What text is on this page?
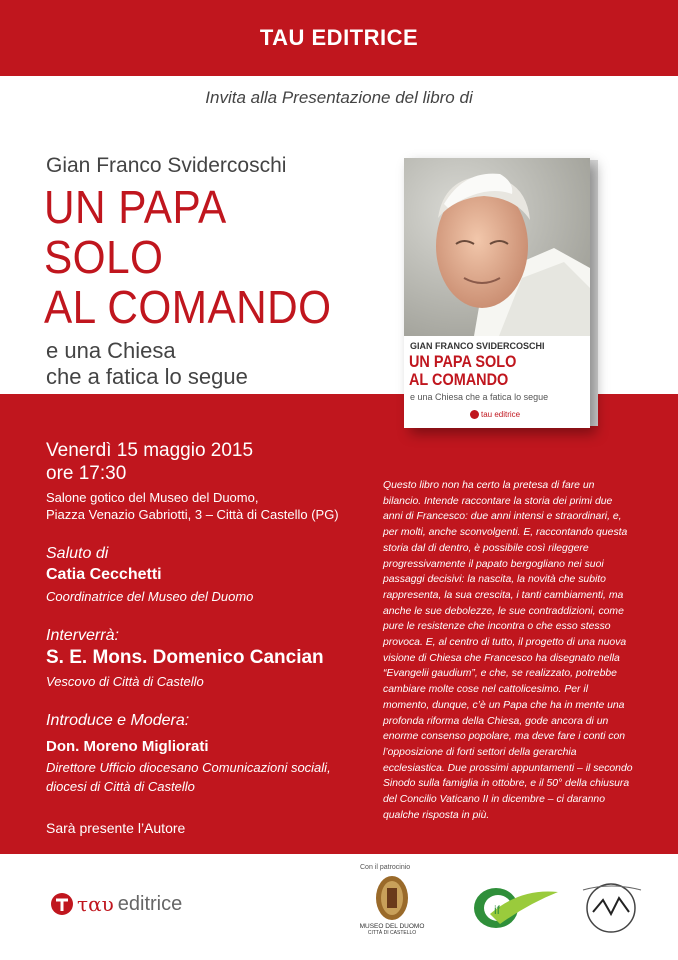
TAU EDITRICE
Invita alla Presentazione del libro di
Gian Franco Svidercoschi
UN PAPA
SOLO
AL COMANDO
e una Chiesa
che a fatica lo segue
GIAN FRANCO SVIDERCOSCHI
UN PAPA SOLO
AL COMANDO
e una Chiesa che a fatica lo segue
tau editrice
Venerdì 15 maggio 2015
ore 17:30
Salone gotico del Museo del Duomo,
Piazza Venazio Gabriotti, 3 – Città di Castello (PG)
Saluto di
Catia Cecchetti
Coordinatrice del Museo del Duomo
Interverrà:
S. E. Mons. Domenico Cancian
Vescovo di Città di Castello
Introduce e Modera:
Don. Moreno Migliorati
Direttore Ufficio diocesano Comunicazioni sociali,
diocesi di Città di Castello
Sarà presente l’Autore
Questo libro non ha certo la pretesa di fare un
bilancio. Intende raccontare la storia dei primi due
anni di Francesco: due anni intensi e straordinari, e,
per molti, anche sconvolgenti. E, raccontando questa
storia dal di dentro, è possibile così rileggere
progressivamente il papato bergogliano nei suoi
passaggi decisivi: la nascita, la novità che subito
rappresenta, la sua crescita, i tanti cambiamenti, ma
anche le sue debolezze, le sue contraddizioni, come
pure le resistenze che incontra o che esso stesso
provoca. E, al centro di tutto, il progetto di una nuova
visione di Chiesa che Francesco ha disegnato nella
“Evangelii gaudium”, e che, se realizzato, potrebbe
cambiare molte cose nel cattolicesimo. Per il
momento, dunque, c’è un Papa che ha in mente una
profonda riforma della Chiesa, gode ancora di un
enorme consenso popolare, ma deve fare i conti con
l’opposizione di forti settori della gerarchia
ecclesiastica. Due prossimi appuntamenti – il secondo
Sinodo sulla famiglia in ottobre, e il 50° della chiusura
del Concilio Vaticano II in dicembre – ci daranno
qualche risposta in più.
τ αυ editrice
Con il patrocinio
MUSEO DEL DUOMO
CITTÀ DI CASTELLO
if
